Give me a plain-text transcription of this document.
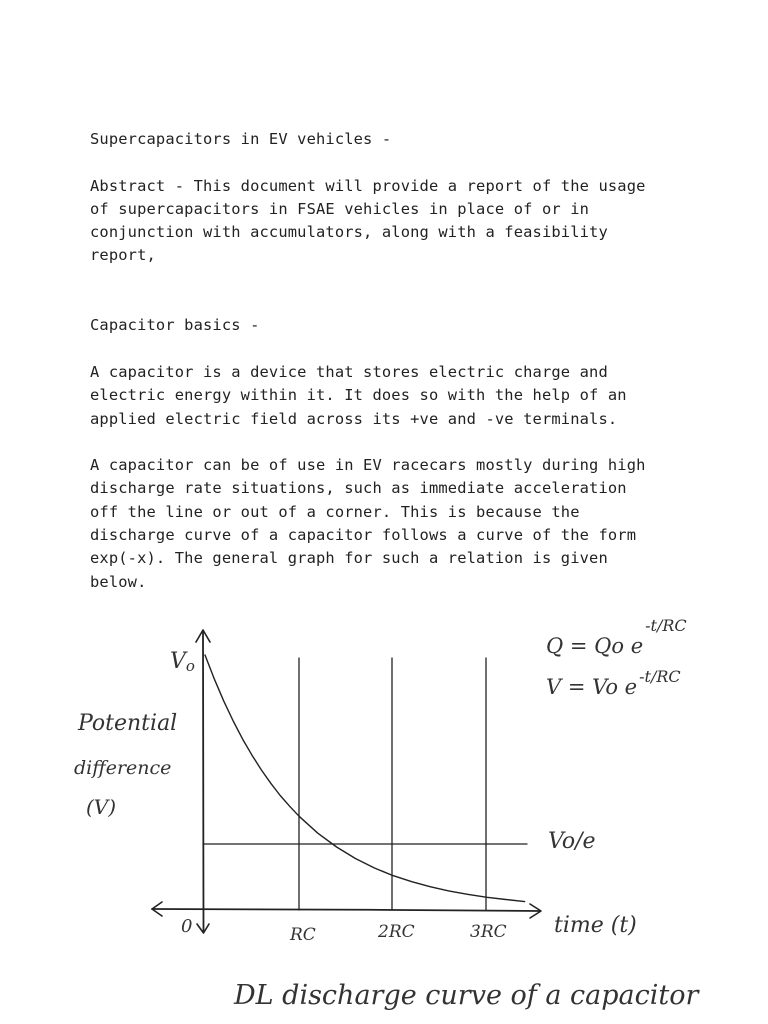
Supercapacitors in EV vehicles -

Abstract - This document will provide a report of the usage
of supercapacitors in FSAE vehicles in place of or in
conjunction with accumulators, along with a feasibility
report,

Capacitor basics -

A capacitor is a device that stores electric charge and
electric energy within it. It does so with the help of an
applied electric field across its +ve and -ve terminals.

A capacitor can be of use in EV racecars mostly during high
discharge rate situations, such as immediate acceleration
off the line or out of a corner. This is because the
discharge curve of a capacitor follows a curve of the form
exp(-x). The general graph for such a relation is given
below.

Vo
Potential
difference
(V)
0	RC	2RC	3RC time (t)
Vo/e
Q = Qo $e^{-t/RC}$
V = Vo e $^{-t/RC}$
DL discharge curve of a capacitor
